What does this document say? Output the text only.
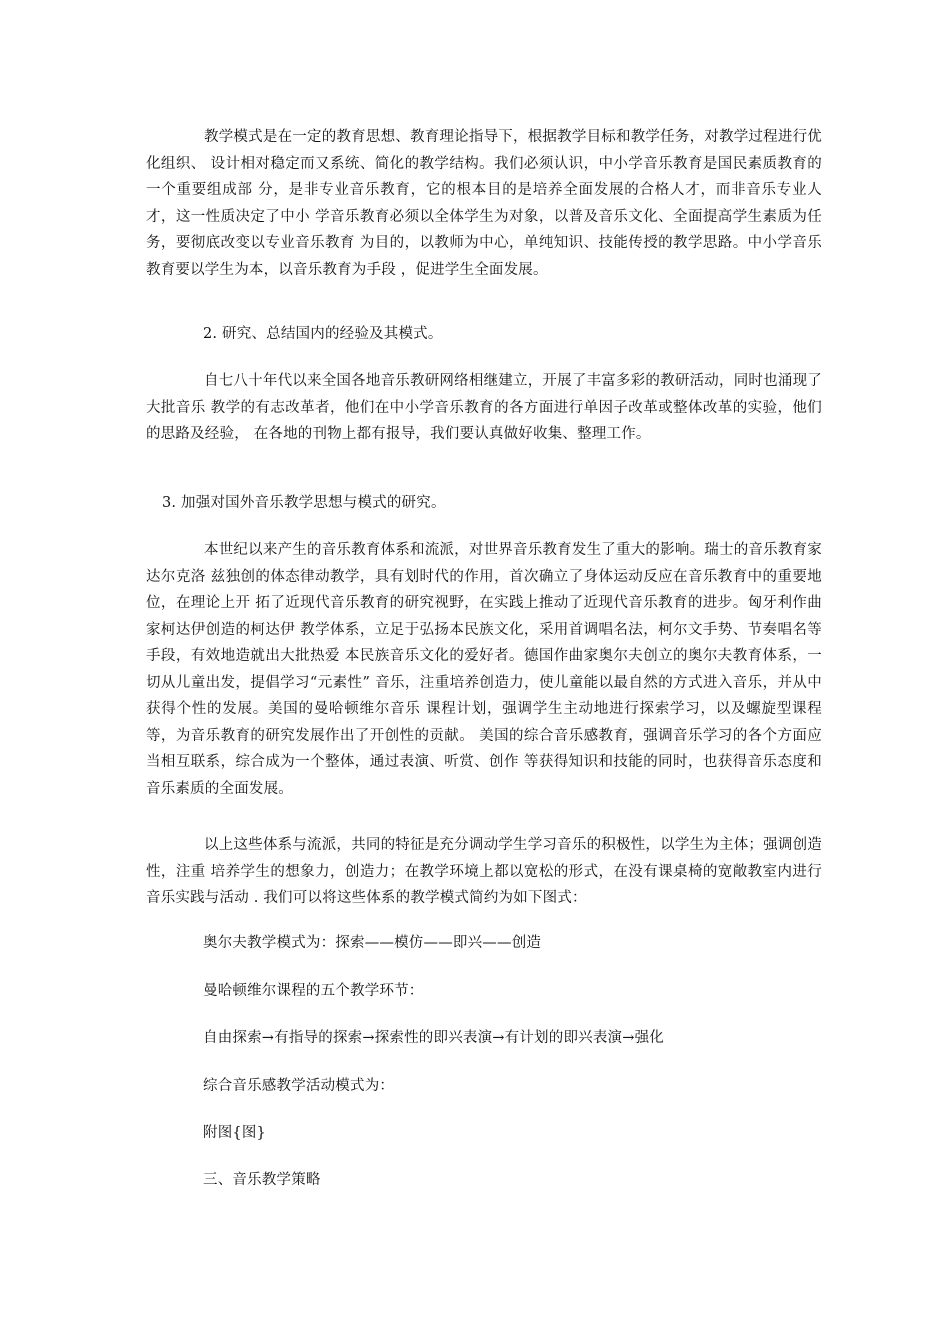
教学模式是在一定的教育思想、教育理论指导下，根据教学目标和教学任务，对教学过程进行优化组织、 设计相对稳定而又系统、简化的教学结构。我们必须认识，中小学音乐教育是国民素质教育的一个重要组成部 分，是非专业音乐教育，它的根本目的是培养全面发展的合格人才，而非音乐专业人才，这一性质决定了中小 学音乐教育必须以全体学生为对象，以普及音乐文化、全面提高学生素质为任务，要彻底改变以专业音乐教育 为目的，以教师为中心，单纯知识、技能传授的教学思路。中小学音乐教育要以学生为本，以音乐教育为手段 ，促进学生全面发展。

2. 研究、总结国内的经验及其模式。

自七八十年代以来全国各地音乐教研网络相继建立，开展了丰富多彩的教研活动，同时也涌现了大批音乐 教学的有志改革者，他们在中小学音乐教育的各方面进行单因子改革或整体改革的实验，他们的思路及经验， 在各地的刊物上都有报导，我们要认真做好收集、整理工作。

3. 加强对国外音乐教学思想与模式的研究。

本世纪以来产生的音乐教育体系和流派，对世界音乐教育发生了重大的影响。瑞士的音乐教育家达尔克洛 兹独创的体态律动教学，具有划时代的作用，首次确立了身体运动反应在音乐教育中的重要地位，在理论上开 拓了近现代音乐教育的研究视野，在实践上推动了近现代音乐教育的进步。匈牙利作曲家柯达伊创造的柯达伊 教学体系，立足于弘扬本民族文化，采用首调唱名法，柯尔文手势、节奏唱名等手段，有效地造就出大批热爱 本民族音乐文化的爱好者。德国作曲家奥尔夫创立的奥尔夫教育体系，一切从儿童出发，提倡学习“元素性” 音乐，注重培养创造力，使儿童能以最自然的方式进入音乐，并从中获得个性的发展。美国的曼哈顿维尔音乐 课程计划，强调学生主动地进行探索学习，以及螺旋型课程等，为音乐教育的研究发展作出了开创性的贡献。 美国的综合音乐感教育，强调音乐学习的各个方面应当相互联系，综合成为一个整体，通过表演、听赏、创作 等获得知识和技能的同时，也获得音乐态度和音乐素质的全面发展。

以上这些体系与流派，共同的特征是充分调动学生学习音乐的积极性，以学生为主体；强调创造性，注重 培养学生的想象力，创造力；在教学环境上都以宽松的形式，在没有课桌椅的宽敞教室内进行音乐实践与活动 . 我们可以将这些体系的教学模式简约为如下图式：

奥尔夫教学模式为：探索——模仿——即兴——创造

曼哈顿维尔课程的五个教学环节：

自由探索→有指导的探索→探索性的即兴表演→有计划的即兴表演→强化

综合音乐感教学活动模式为：

附图{图}

三、音乐教学策略
